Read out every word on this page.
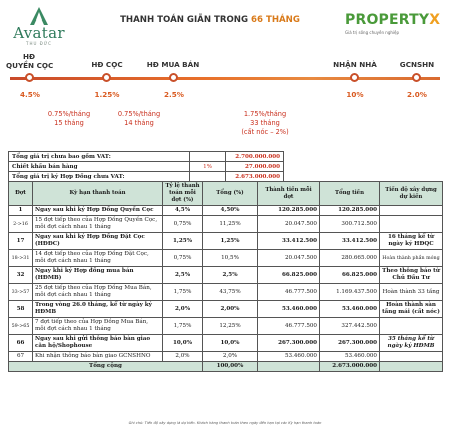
Avatar
THU ĐỨC
THANH TOÁN GIÃN TRONG 66 THÁNG	PROPERTYX
Giá trị sống chuyên nghiệp
HĐ
QUYỀN CỌC	HĐ CỌC	HĐ MUA BÁN	NHẬN NHÀ	GCNSHN
4.5%	1.25%	2.5%	10%	2.0%
0.75%/tháng
15 tháng
0.75%/tháng
14 tháng
1.75%/tháng
33 tháng
(cất nóc – 2%)
Tổng giá trị chưa bao gồm VAT:		2.700.000.000	
Chiết khấu bán hàng	1%	27.000.000	
Tổng giá trị ký Hợp Đồng chưa VAT:		2.673.000.000	
Đợt	Kỳ hạn thanh toán	Tỷ lệ thanh toán mỗi đợt (%)	Tổng (%)	Thành tiền mỗi đợt	Tổng tiền	Tiến độ xây dựng dự kiến
1	Ngay sau khi ký Hợp Đồng Quyền Cọc	4,5%	4,50%	120.285.000	120.285.000	
2->16	15 đợt tiếp theo của Hợp Đồng Quyền Cọc, mỗi đợt cách nhau 1 tháng	0,75%	11,25%	20.047.500	300.712.500	
17	Ngay sau khi ký Hợp Đồng Đặt Cọc (HĐĐC)	1,25%	1,25%	33.412.500	33.412.500	16 tháng kể từ ngày ký HĐQC
18->31	14 đợt tiếp theo của Hợp Đồng Đặt Cọc, mỗi đợt cách nhau 1 tháng	0,75%	10,5%	20.047.500	280.665.000	Hoàn thành phần móng
32	Ngay khi ký Hợp đồng mua bán (HĐMB)	2,5%	2,5%	66.825.000	66.825.000	Theo thông báo từ Chủ Đầu Tư
33->57	25 đợt tiếp theo của Hợp Đồng Mua Bán, mỗi đợt cách nhau 1 tháng	1,75%	43,75%	46.777.500	1.169.437.500	Hoàn thành 33 tầng
58	Trong vòng 26.0 tháng, kể từ ngày ký HĐMB	2,0%	2,00%	53.460.000	53.460.000	Hoàn thành sàn tầng mái (cất nóc)
59->65	7 đợt tiếp theo của Hợp Đồng Mua Bán, mỗi đợt cách nhau 1 tháng	1,75%	12,25%	46.777.500	327.442.500	
66	Ngay sau khi gửi thông báo bàn giao căn hộ/Shophouse	10,0%	10,0%	267.300.000	267.300.000	35 tháng kể từ ngày ký HĐMB
67	Khi nhận thông báo bàn giao GCNSHNO	2,0%	2,0%	53.460.000	53.460.000	
Tổng cộng			100,00%		2.673.000.000	
Ghi chú: Tiến độ xây dựng là dự kiến. Khách hàng thanh toán theo ngày đến hạn tại các Kỳ hạn thanh toán
